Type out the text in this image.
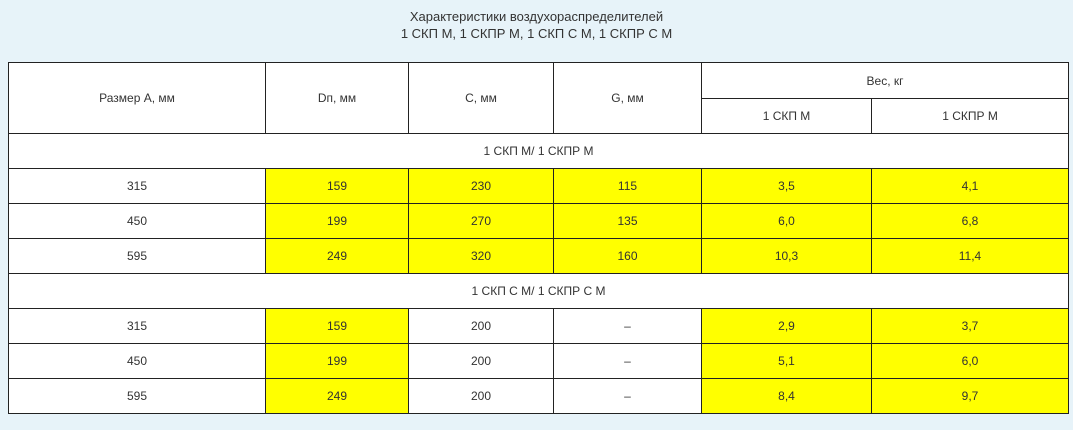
Характеристики воздухораспределителей
1 СКП М, 1 СКПР М, 1 СКП С М, 1 СКПР С М
Размер А, мм	Dп, мм	С, мм	G, мм	Вес, кг	
				1 СКП М	1 СКПР М
1 СКП М/ 1 СКПР М					
315	159	230	115	3,5	4,1
450	199	270	135	6,0	6,8
595	249	320	160	10,3	11,4
1 СКП С М/ 1 СКПР С М					
315	159	200	–	2,9	3,7
450	199	200	–	5,1	6,0
595	249	200	–	8,4	9,7
